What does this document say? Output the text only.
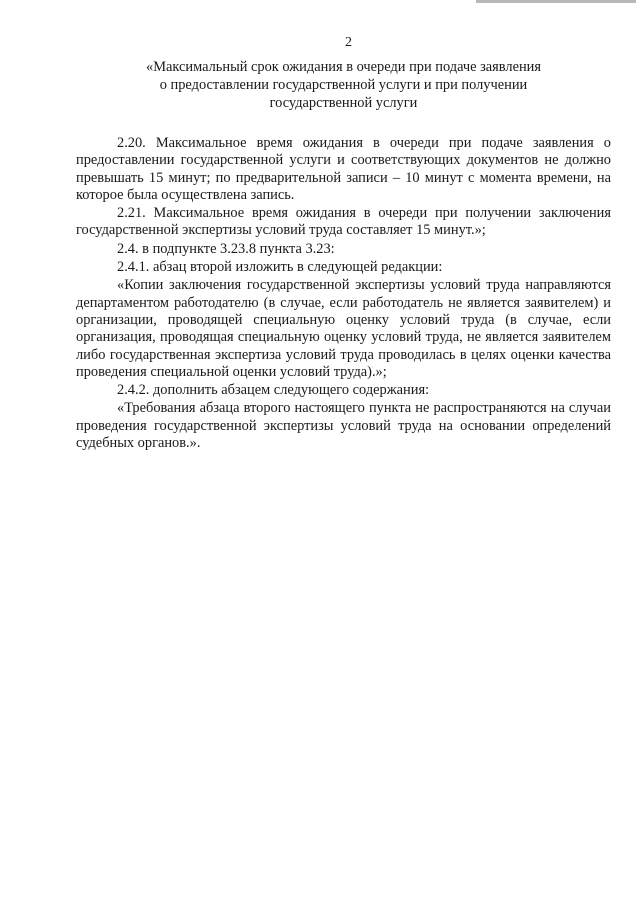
2
«Максимальный срок ожидания в очереди при подаче заявления
о предоставлении государственной услуги и при получении
государственной услуги

2.20. Максимальное время ожидания в очереди при подаче заявления о предоставлении государственной услуги и соответствующих документов не должно превышать 15 минут; по предварительной записи – 10 минут с момента времени, на которое была осуществлена запись.

2.21. Максимальное время ожидания в очереди при получении заключения государственной экспертизы условий труда составляет 15 минут.»;

2.4. в подпункте 3.23.8 пункта 3.23:

2.4.1. абзац второй изложить в следующей редакции:

«Копии заключения государственной экспертизы условий труда направляются департаментом работодателю (в случае, если работодатель не является заявителем) и организации, проводящей специальную оценку условий труда (в случае, если организация, проводящая специальную оценку условий труда, не является заявителем либо государственная экспертиза условий труда проводилась в целях оценки качества проведения специальной оценки условий труда).»;

2.4.2. дополнить абзацем следующего содержания:

«Требования абзаца второго настоящего пункта не распространяются на случаи проведения государственной экспертизы условий труда на основании определений судебных органов.».
